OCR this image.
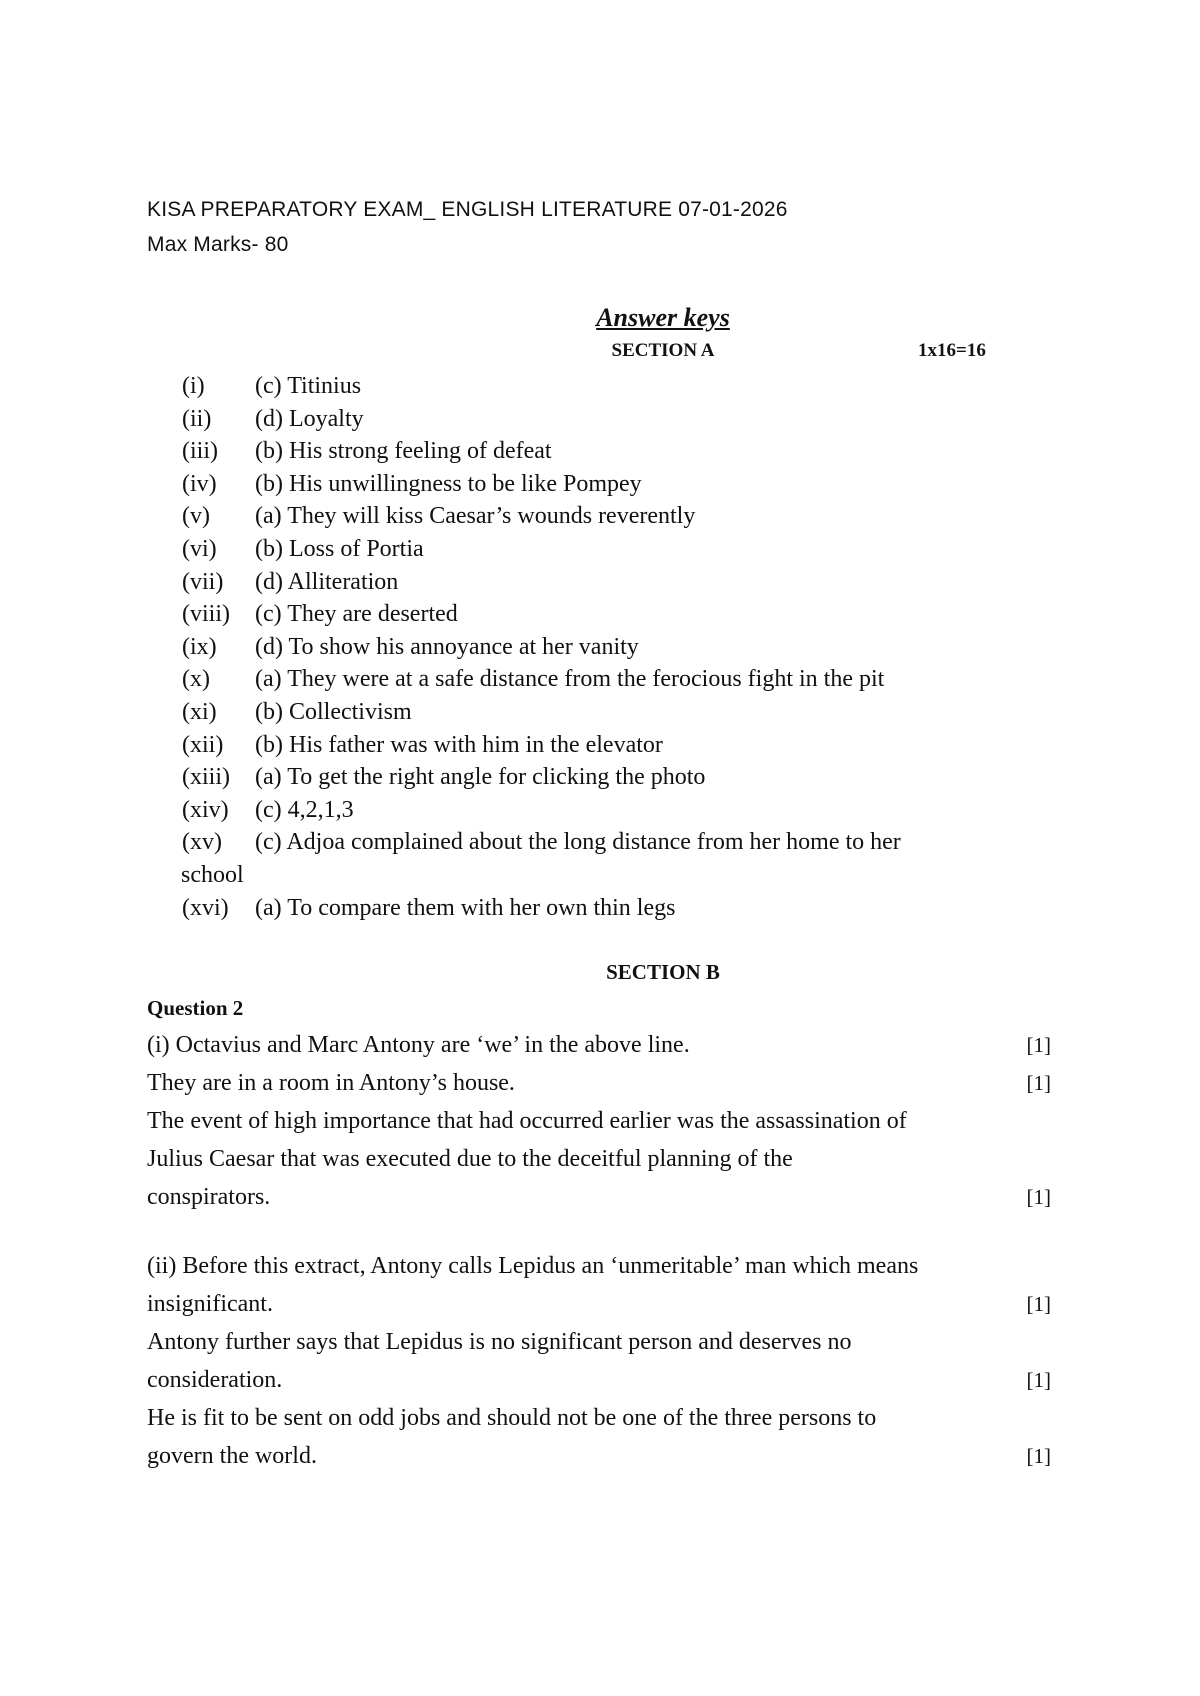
KISA PREPARATORY EXAM_ ENGLISH LITERATURE 07-01-2026
Max Marks- 80
Answer keys
SECTION A	1x16=16
(i)	(c) Titinius
(ii)	(d) Loyalty
(iii)	(b) His strong feeling of defeat
(iv)	(b) His unwillingness to be like Pompey
(v)	(a) They will kiss Caesar’s wounds reverently
(vi)	(b) Loss of Portia
(vii)	(d) Alliteration
(viii)	(c) They are deserted
(ix)	(d) To show his annoyance at her vanity
(x)	(a) They were at a safe distance from the ferocious fight in the pit
(xi)	(b) Collectivism
(xii)	(b) His father was with him in the elevator
(xiii)	(a) To get the right angle for clicking the photo
(xiv)	(c) 4,2,1,3
(xv)	(c) Adjoa complained about the long distance from her home to her
school
(xvi)	(a) To compare them with her own thin legs
SECTION B
Question 2
(i) Octavius and Marc Antony are ‘we’ in the above line.	[1]
They are in a room in Antony’s house.	[1]
The event of high importance that had occurred earlier was the assassination of
Julius Caesar that was executed due to the deceitful planning of the
conspirators.	[1]
(ii) Before this extract, Antony calls Lepidus an ‘unmeritable’ man which means
insignificant.	[1]
Antony further says that Lepidus is no significant person and deserves no
consideration.	[1]
He is fit to be sent on odd jobs and should not be one of the three persons to
govern the world.	[1]
